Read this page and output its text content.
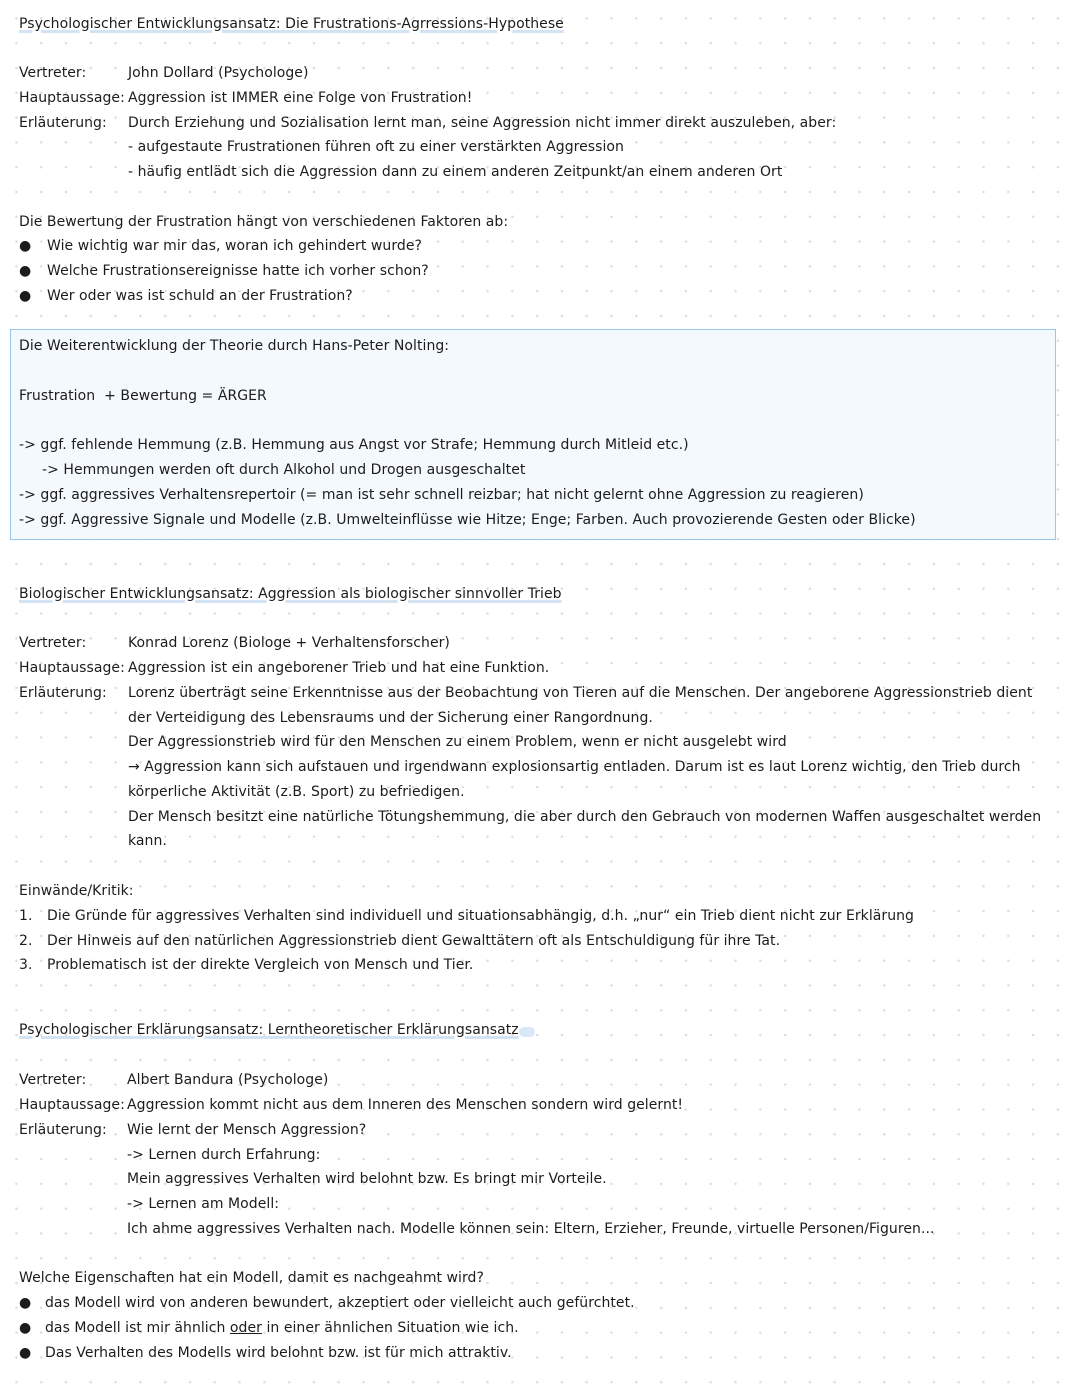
Psychologischer Entwicklungsansatz: Die Frustrations-Agrressions-Hypothese
Vertreter:	John Dollard (Psychologe)
Hauptaussage: Aggression ist IMMER eine Folge von Frustration!
Erläuterung: Durch Erziehung und Sozialisation lernt man, seine Aggression nicht immer direkt auszuleben, aber:
- aufgestaute Frustrationen führen oft zu einer verstärkten Aggression
- häufig entlädt sich die Aggression dann zu einem anderen Zeitpunkt/an einem anderen Ort
Die Bewertung der Frustration hängt von verschiedenen Faktoren ab:
● Wie wichtig war mir das, woran ich gehindert wurde?
● Welche Frustrationsereignisse hatte ich vorher schon?
● Wer oder was ist schuld an der Frustration?
Die Weiterentwicklung der Theorie durch Hans-Peter Nolting:
Frustration  + Bewertung = ÄRGER
-> ggf. fehlende Hemmung (z.B. Hemmung aus Angst vor Strafe; Hemmung durch Mitleid etc.)
-> Hemmungen werden oft durch Alkohol und Drogen ausgeschaltet
-> ggf. aggressives Verhaltensrepertoir (= man ist sehr schnell reizbar; hat nicht gelernt ohne Aggression zu reagieren)
-> ggf. Aggressive Signale und Modelle (z.B. Umwelteinflüsse wie Hitze; Enge; Farben. Auch provozierende Gesten oder Blicke)
Biologischer Entwicklungsansatz: Aggression als biologischer sinnvoller Trieb
Vertreter:	Konrad Lorenz (Biologe + Verhaltensforscher)
Hauptaussage: Aggression ist ein angeborener Trieb und hat eine Funktion.
Erläuterung: Lorenz überträgt seine Erkenntnisse aus der Beobachtung von Tieren auf die Menschen. Der angeborene Aggressionstrieb dient
der Verteidigung des Lebensraums und der Sicherung einer Rangordnung.
Der Aggressionstrieb wird für den Menschen zu einem Problem, wenn er nicht ausgelebt wird
→ Aggression kann sich aufstauen und irgendwann explosionsartig entladen. Darum ist es laut Lorenz wichtig, den Trieb durch
körperliche Aktivität (z.B. Sport) zu befriedigen.
Der Mensch besitzt eine natürliche Tötungshemmung, die aber durch den Gebrauch von modernen Waffen ausgeschaltet werden
kann.
Einwände/Kritik:
1. Die Gründe für aggressives Verhalten sind individuell und situationsabhängig, d.h. „nur“ ein Trieb dient nicht zur Erklärung
2. Der Hinweis auf den natürlichen Aggressionstrieb dient Gewalttätern oft als Entschuldigung für ihre Tat.
3. Problematisch ist der direkte Vergleich von Mensch und Tier.
Psychologischer Erklärungsansatz: Lerntheoretischer Erklärungsansatz
Vertreter:	Albert Bandura (Psychologe)
Hauptaussage: Aggression kommt nicht aus dem Inneren des Menschen sondern wird gelernt!
Erläuterung: Wie lernt der Mensch Aggression?
-> Lernen durch Erfahrung:
Mein aggressives Verhalten wird belohnt bzw. Es bringt mir Vorteile.
-> Lernen am Modell:
Ich ahme aggressives Verhalten nach. Modelle können sein: Eltern, Erzieher, Freunde, virtuelle Personen/Figuren...
Welche Eigenschaften hat ein Modell, damit es nachgeahmt wird?
● das Modell wird von anderen bewundert, akzeptiert oder vielleicht auch gefürchtet.
● das Modell ist mir ähnlich oder in einer ähnlichen Situation wie ich.
● Das Verhalten des Modells wird belohnt bzw. ist für mich attraktiv.
